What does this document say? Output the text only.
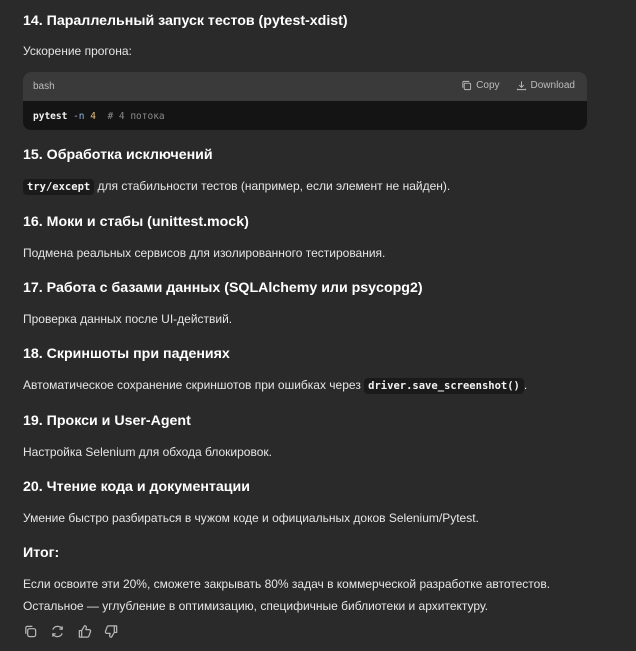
14. Параллельный запуск тестов (pytest-xdist)

Ускорение прогона:

bash	Copy	Download
pytest -n 4 # 4 потока
15. Обработка исключений

try/except для стабильности тестов (например, если элемент не найден).

16. Моки и стабы (unittest.mock)

Подмена реальных сервисов для изолированного тестирования.

17. Работа с базами данных (SQLAlchemy или psycopg2)

Проверка данных после UI-действий.

18. Скриншоты при падениях

Автоматическое сохранение скриншотов при ошибках через driver.save_screenshot() .

19. Прокси и User-Agent

Настройка Selenium для обхода блокировок.

20. Чтение кода и документации

Умение быстро разбираться в чужом коде и официальных доков Selenium/Pytest.

Итог:

Если освоите эти 20%, сможете закрывать 80% задач в коммерческой разработке автотестов.

Остальное — углубление в оптимизацию, специфичные библиотеки и архитектуру.
